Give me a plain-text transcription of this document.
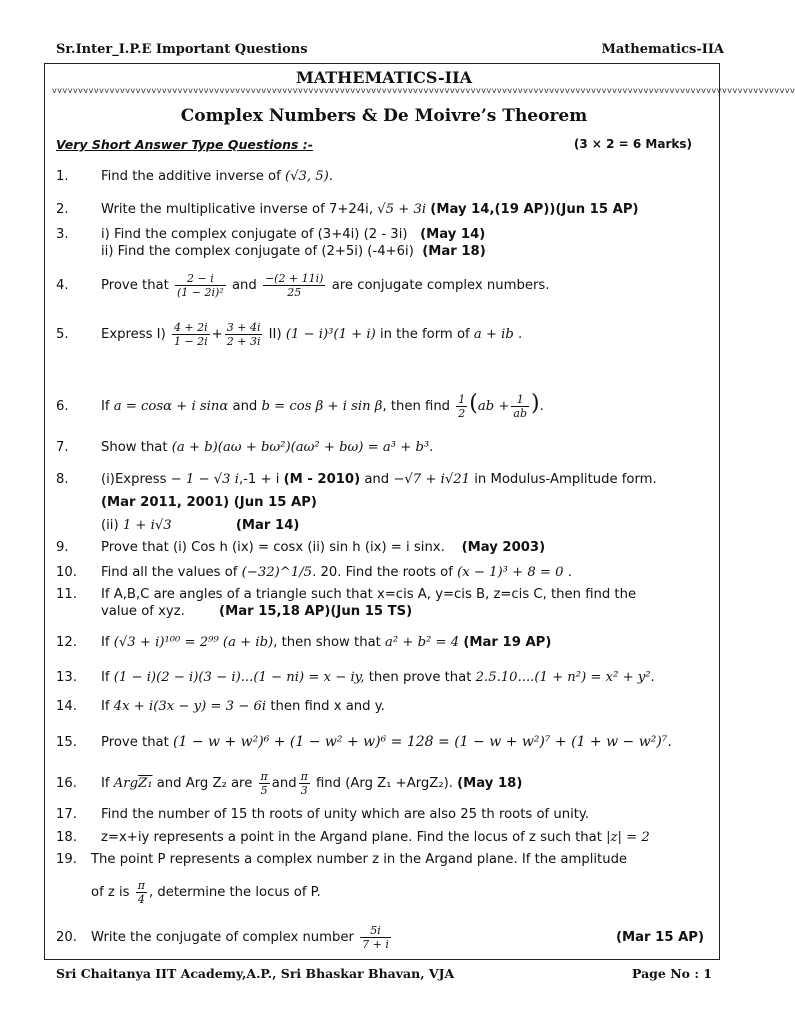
Sr.Inter_I.P.E Important Questions	Mathematics-IIA
MATHEMATICS-IIA
vvvvvvvvvvvvvvvvvvvvvvvvvvvvvvvvvvvvvvvvvvvvvvvvvvvvvvvvvvvvvvvvvvvvvvvvvvvvvvvvvvvvvvvvvvvvvvvvvvvvvvvvvvvvvvvvvvvvvvvvvvvvvvvvvvvvvvvvvvvvvv
Complex Numbers & De Moivre’s Theorem
Very Short Answer Type Questions :-	(3 × 2 = 6 Marks)
1. Find the additive inverse of (√3, 5).
2. Write the multiplicative inverse of 7+24i, √5 + 3i (May 14,(19 AP))(Jun 15 AP)
3. i) Find the complex conjugate of (3+4i) (2 - 3i) (May 14)
ii) Find the complex conjugate of (2+5i) (-4+6i) (Mar 18)
4. Prove that $\frac{2 - i}{\text{(1 − 2i)²}}$ and $\frac{-(2 + 11i)}{25}$ are conjugate complex numbers.
5. Express $I) \frac{4 + 2i}{1 - 2i} + \frac{3 + 4i}{2 + 3i} II$) (1 − i)³(1 + i) in the form of a + ib .
6. If a = cosα + i sinα and b = cos β + i sin β, then find $\frac{1}{2} (ab + \frac{1}{ab}$ ).
7. Show that (a + b)(aω + bω²)(aω² + bω) = a³ + b³.
8. (i)Express − 1 − √3 i,-1 + i (M - 2010) and −√7 + i√21 in Modulus-Amplitude form.
(Mar 2011, 2001) (Jun 15 AP)
(ii) 1 + i√3	(Mar 14)
9. Prove that (i) Cos h (ix) = cosx (ii) sin h (ix) = i sinx. (May 2003)
10. Find all the values of (−32)^1/5. 20. Find the roots of (x − 1)³ + 8 = 0 .
11. If A,B,C are angles of a triangle such that x=cis A, y=cis B, z=cis C, then find the
value of xyz.	(Mar 15,18 AP)(Jun 15 TS)
12. If (√3 + i)¹⁰⁰ = 2⁹⁹ (a + ib), then show that a² + b² = 4 (Mar 19 AP)
13. If (1 − i)(2 − i)(3 − i)...(1 − ni) = x − iy, then prove that 2.5.10....(1 + n²) = x² + y².
14. If 4x + i(3x − y) = 3 − 6i then find x and y.
15. Prove that (1 − w + w²)⁶ + (1 − w² + w)⁶ = 128 = (1 − w + w²)⁷ + (1 + w − w²)⁷.
16. If ArgZ₁ and Arg Z₂ are $\frac{\pi}{5}$ and $\frac{\pi}{3}$ find (Arg Z₁ +ArgZ₂). (May 18)
17. Find the number of 15 th roots of unity which are also 25 th roots of unity.
18. z=x+iy represents a point in the Argand plane. Find the locus of z such that |z| = 2
19. The point P represents a complex number z in the Argand plane. If the amplitude
of z is $\frac{\pi}{4}$ , determine the locus of P.
20. Write the conjugate of complex number $\frac{5i}{7 + i}$	(Mar 15 AP)
Sri Chaitanya IIT Academy,A.P., Sri Bhaskar Bhavan, VJA	Page No : 1
